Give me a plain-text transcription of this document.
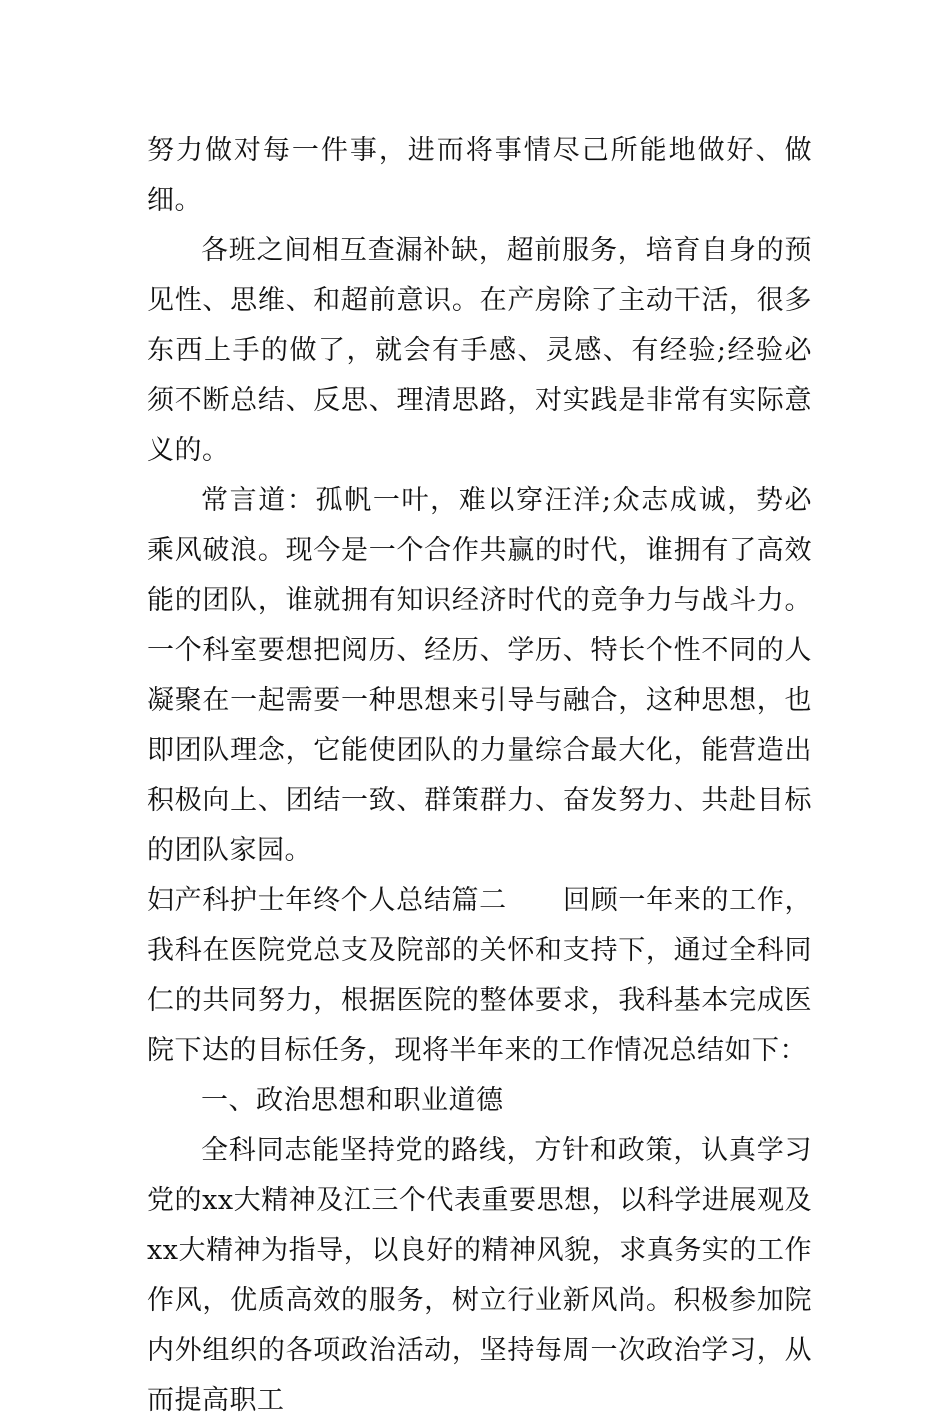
努力做对每一件事，进而将事情尽己所能地做好、做细。

各班之间相互查漏补缺，超前服务，培育自身的预见性、思维、和超前意识。在产房除了主动干活，很多东西上手的做了，就会有手感、灵感、有经验;经验必须不断总结、反思、理清思路，对实践是非常有实际意义的。

常言道：孤帆一叶，难以穿汪洋;众志成诚，势必乘风破浪。现今是一个合作共赢的时代，谁拥有了高效能的团队，谁就拥有知识经济时代的竞争力与战斗力。一个科室要想把阅历、经历、学历、特长个性不同的人凝聚在一起需要一种思想来引导与融合，这种思想，也即团队理念，它能使团队的力量综合最大化，能营造出积极向上、团结一致、群策群力、奋发努力、共赴目标的团队家园。

妇产科护士年终个人总结篇二 回顾一年来的工作，我科在医院党总支及院部的关怀和支持下，通过全科同仁的共同努力，根据医院的整体要求，我科基本完成医院下达的目标任务，现将半年来的工作情况总结如下：

一、政治思想和职业道德

全科同志能坚持党的路线，方针和政策，认真学习党的xx大精神及江三个代表重要思想，以科学进展观及xx大精神为指导，以良好的精神风貌，求真务实的工作作风，优质高效的服务，树立行业新风尚。积极参加院内外组织的各项政治活动，坚持每周一次政治学习，从而提高职工
